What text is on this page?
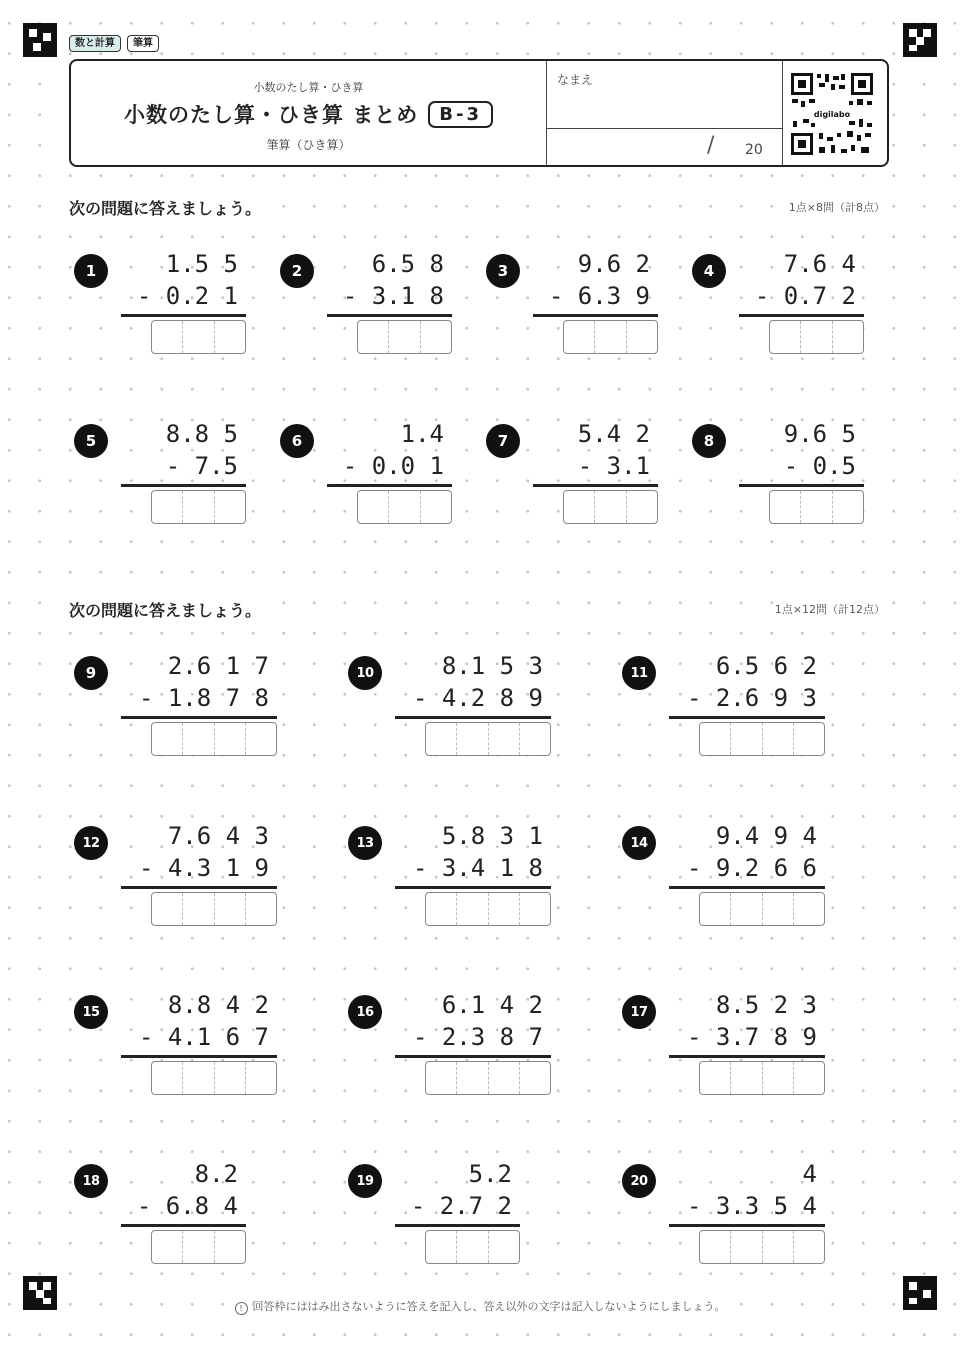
数と計算	筆算
小数のたし算・ひき算
小数のたし算・ひき算 まとめ	B-3
筆算（ひき算）
なまえ
/ 20
digilabo
次の問題に答えましょう。	1点×8問（計8点）
次の問題に答えましょう。	1点×12問（計12点）
1	1.5 5
- 0.2 1
2	6.5 8
- 3.1 8
3	9.6 2
- 6.3 9
4	7.6 4
- 0.7 2
5	8.8 5
- 7.5
6	1.4
- 0.0 1
7	5.4 2
- 3.1
8	9.6 5
- 0.5
9	2.6 1 7
- 1.8 7 8
10	8.1 5 3
- 4.2 8 9
11	6.5 6 2
- 2.6 9 3
12	7.6 4 3
- 4.3 1 9
13	5.8 3 1
- 3.4 1 8
14	9.4 9 4
- 9.2 6 6
15	8.8 4 2
- 4.1 6 7
16	6.1 4 2
- 2.3 8 7
17	8.5 2 3
- 3.7 8 9
18	8.2
- 6.8 4
19	5.2
- 2.7 2
20	4
- 3.3 5 4
! 回答枠にははみ出さないように答えを記入し、答え以外の文字は記入しないようにしましょう。
